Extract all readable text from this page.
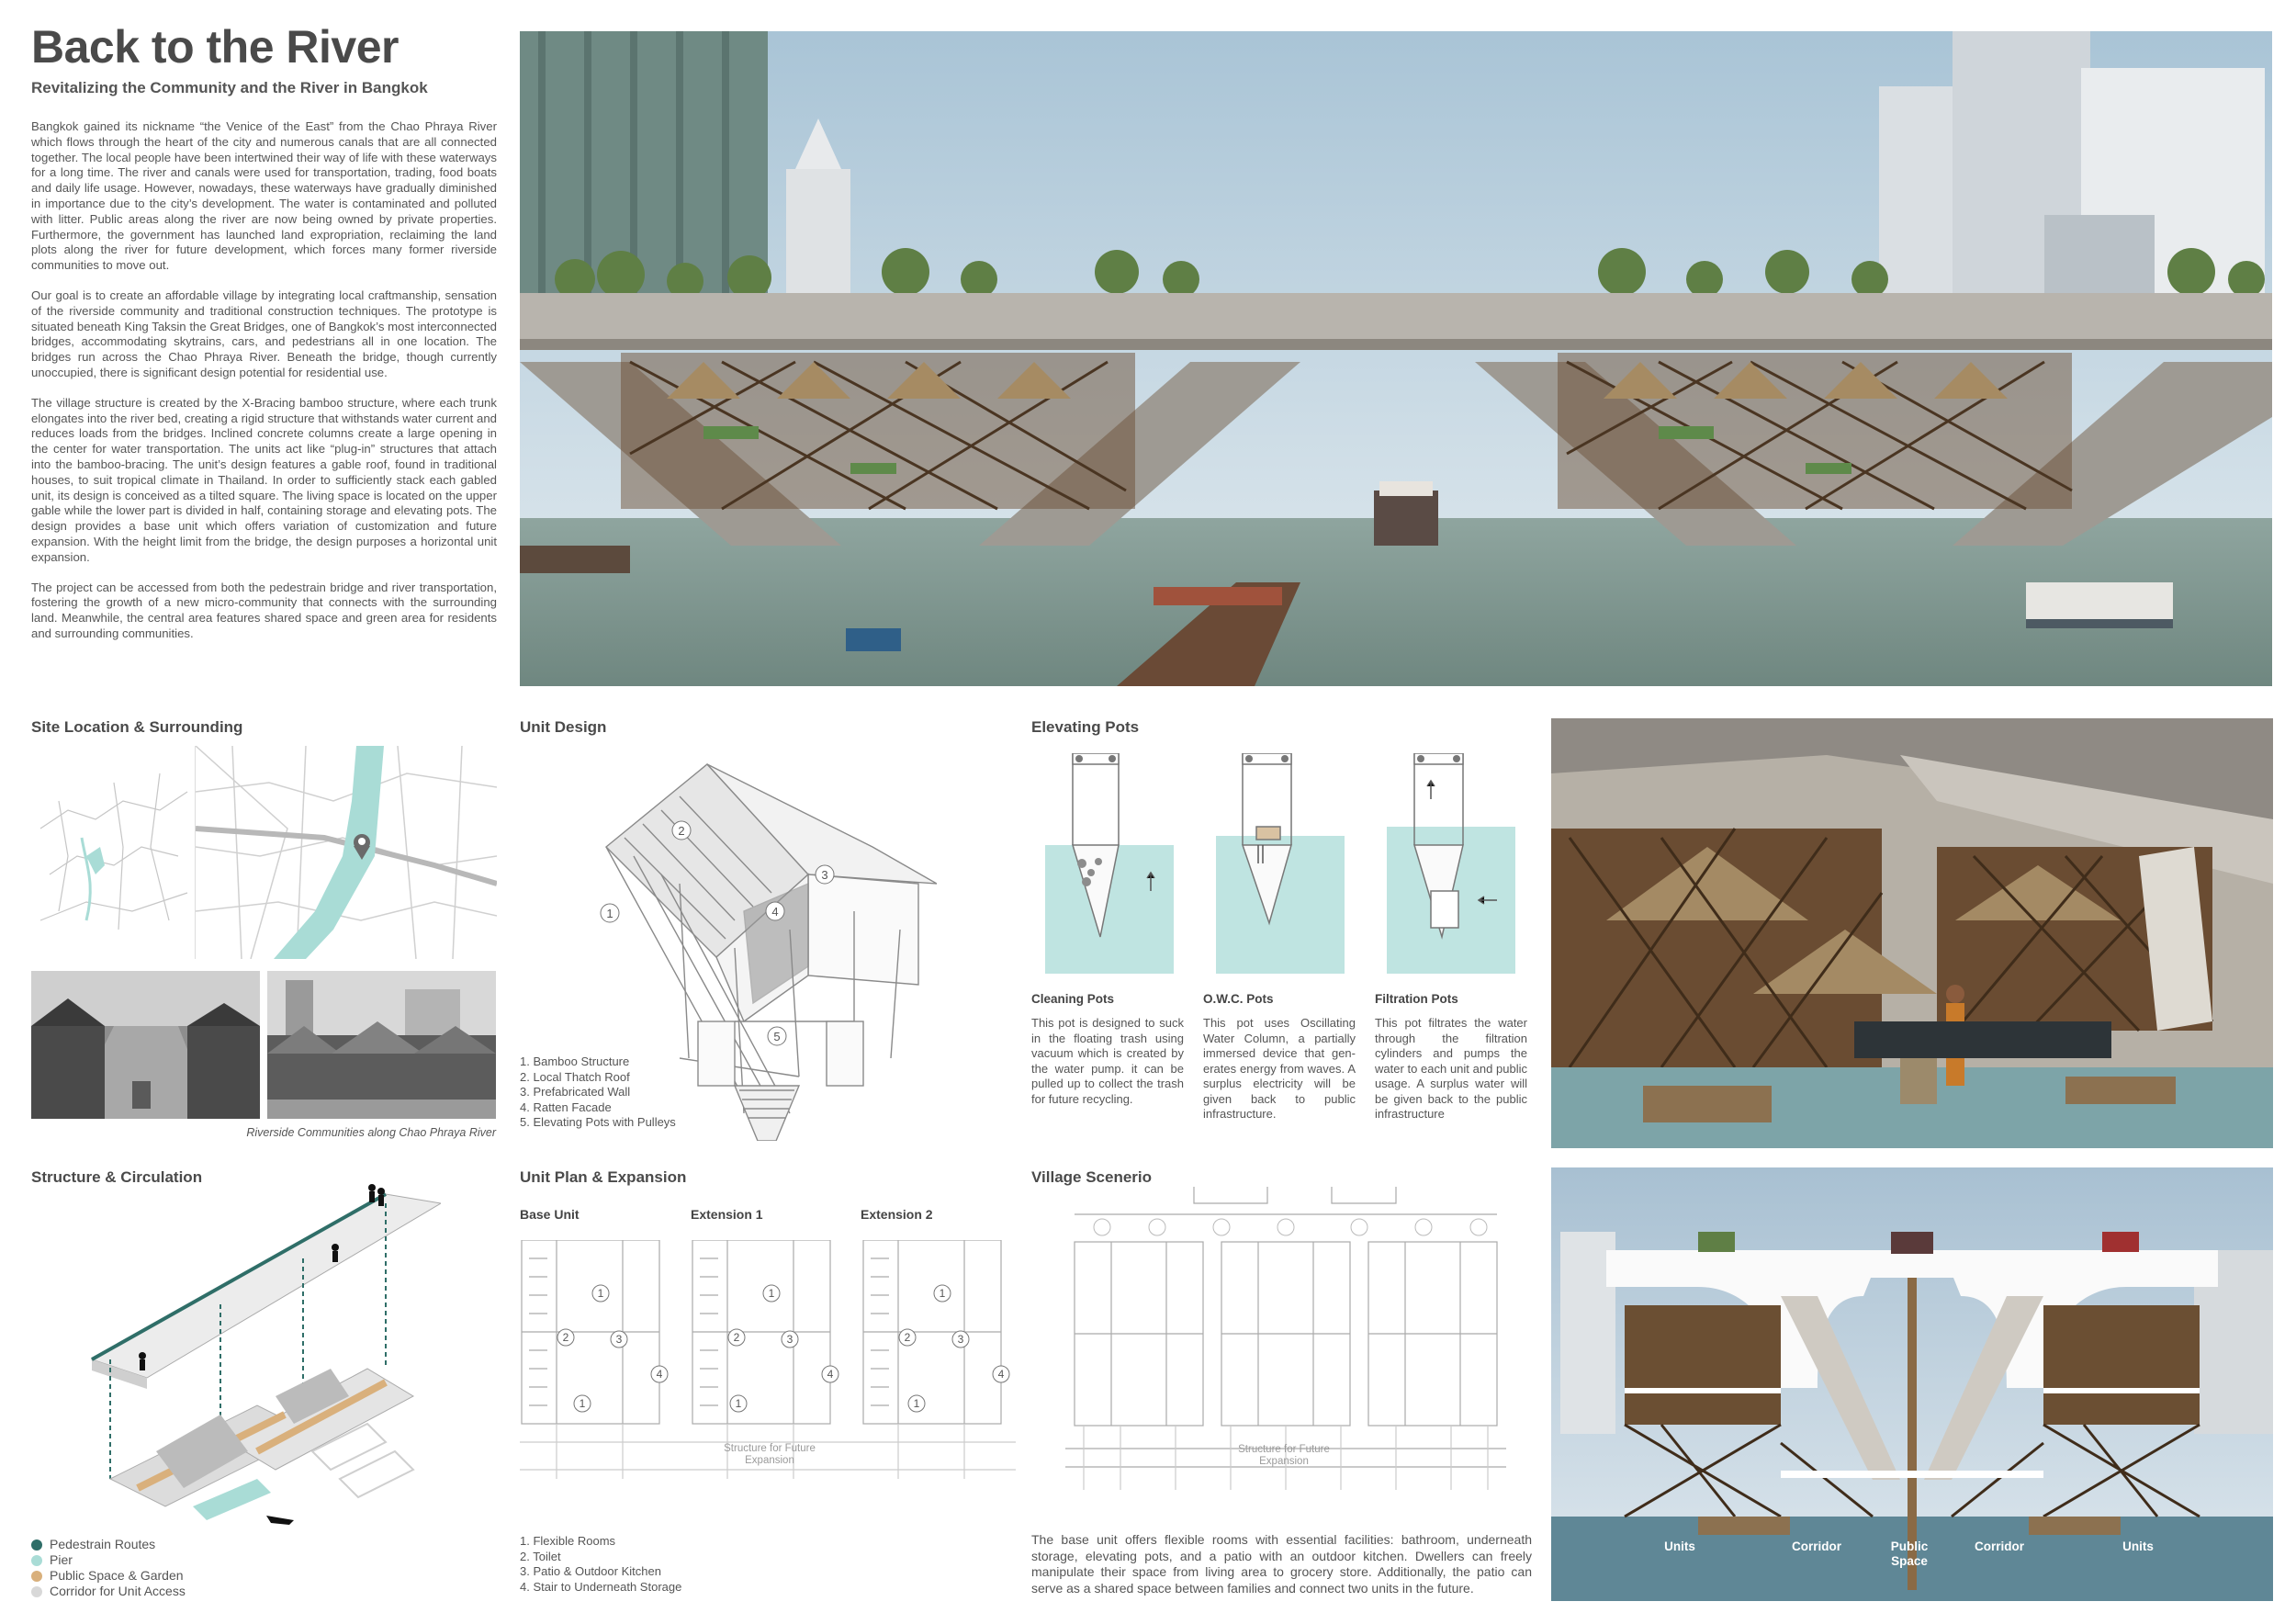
Back to the River
Revitalizing the Community and the River in Bangkok

Bangkok gained its nickname “the Venice of the East” from the Chao Phraya River which flows through the heart of the city and numerous canals that are all connected together. The local people have been intertwined their way of life with these waterways for a long time. The river and canals were used for transportation, trading, food boats and daily life usage. However, nowadays, these waterways have gradually diminished in importance due to the city’s development. The water is contaminated and polluted with litter. Public areas along the river are now being owned by private properties. Furthermore, the government has launched land expropriation, reclaiming the land plots along the river for future development, which forces many former riverside communities to move out.

Our goal is to create an affordable village by integrating local craftmanship, sensation of the riverside community and traditional construction techniques. The prototype is situated beneath King Taksin the Great Bridges, one of Bangkok’s most interconnected bridges, accommodating skytrains, cars, and pedestrians all in one location. The bridges run across the Chao Phraya River. Beneath the bridge, though currently unoccupied, there is significant design potential for residential use.

The village structure is created by the X-Bracing bamboo structure, where each trunk elongates into the river bed, creating a rigid structure that withstands water current and reduces loads from the bridges. Inclined concrete columns create a large opening in the center for water transportation. The units act like “plug-in” structures that attach into the bamboo-bracing. The unit’s design features a gable roof, found in traditional houses, to suit tropical climate in Thailand. In order to sufficiently stack each gabled unit, its design is conceived as a tilted square. The living space is located on the upper gable while the lower part is divided in half, containing storage and elevating pots. The design provides a base unit which offers variation of customization and future expansion. With the height limit from the bridge, the design purposes a horizontal unit expansion.

The project can be accessed from both the pedestrain bridge and river transportation, fostering the growth of a new micro-community that connects with the surrounding land. Meanwhile, the central area features shared space and green area for residents and surrounding communities.

Site Location & Surrounding
Riverside Communities along Chao Phraya River
Unit Design
2
3
1	4
5
1. Bamboo Structure
2. Local Thatch Roof
3. Prefabricated Wall
4. Ratten Facade
5. Elevating Pots with Pulleys
Elevating Pots
Cleaning Pots
This pot is designed to suck in the floating trash using vacuum which is created by the water pump. it can be pulled up to collect the trash for future recycling.
O.W.C. Pots
This pot uses Oscillating Water Column, a partially immersed device that gen-erates energy from waves. A surplus electricity will be given back to public infrastructure.
Filtration Pots
This pot filtrates the water through the filtration cylinders and pumps the water to each unit and public usage. A surplus water will be given back to the public infrastructure
Structure & Circulation
Pedestrain Routes
Pier
Public Space & Garden
Corridor for Unit Access
Unit Plan & Expansion
Base Unit	Extension 1	Extension 2
1
2	3
4
1
1
2	3
4
1
1
2	3
4
1
Structure for Future Expansion
1. Flexible Rooms
2. Toilet
3. Patio & Outdoor Kitchen
4. Stair to Underneath Storage
Village Scenerio
Structure for Future Expansion
The base unit offers flexible rooms with essential facilities: bathroom, underneath storage, elevating pots, and a patio with an outdoor kitchen. Dwellers can freely manipulate their space from living area to grocery store. Additionally, the patio can serve as a shared space between families and connect two units in the future.
Units	Corridor	Public Space
Corridor	Units
